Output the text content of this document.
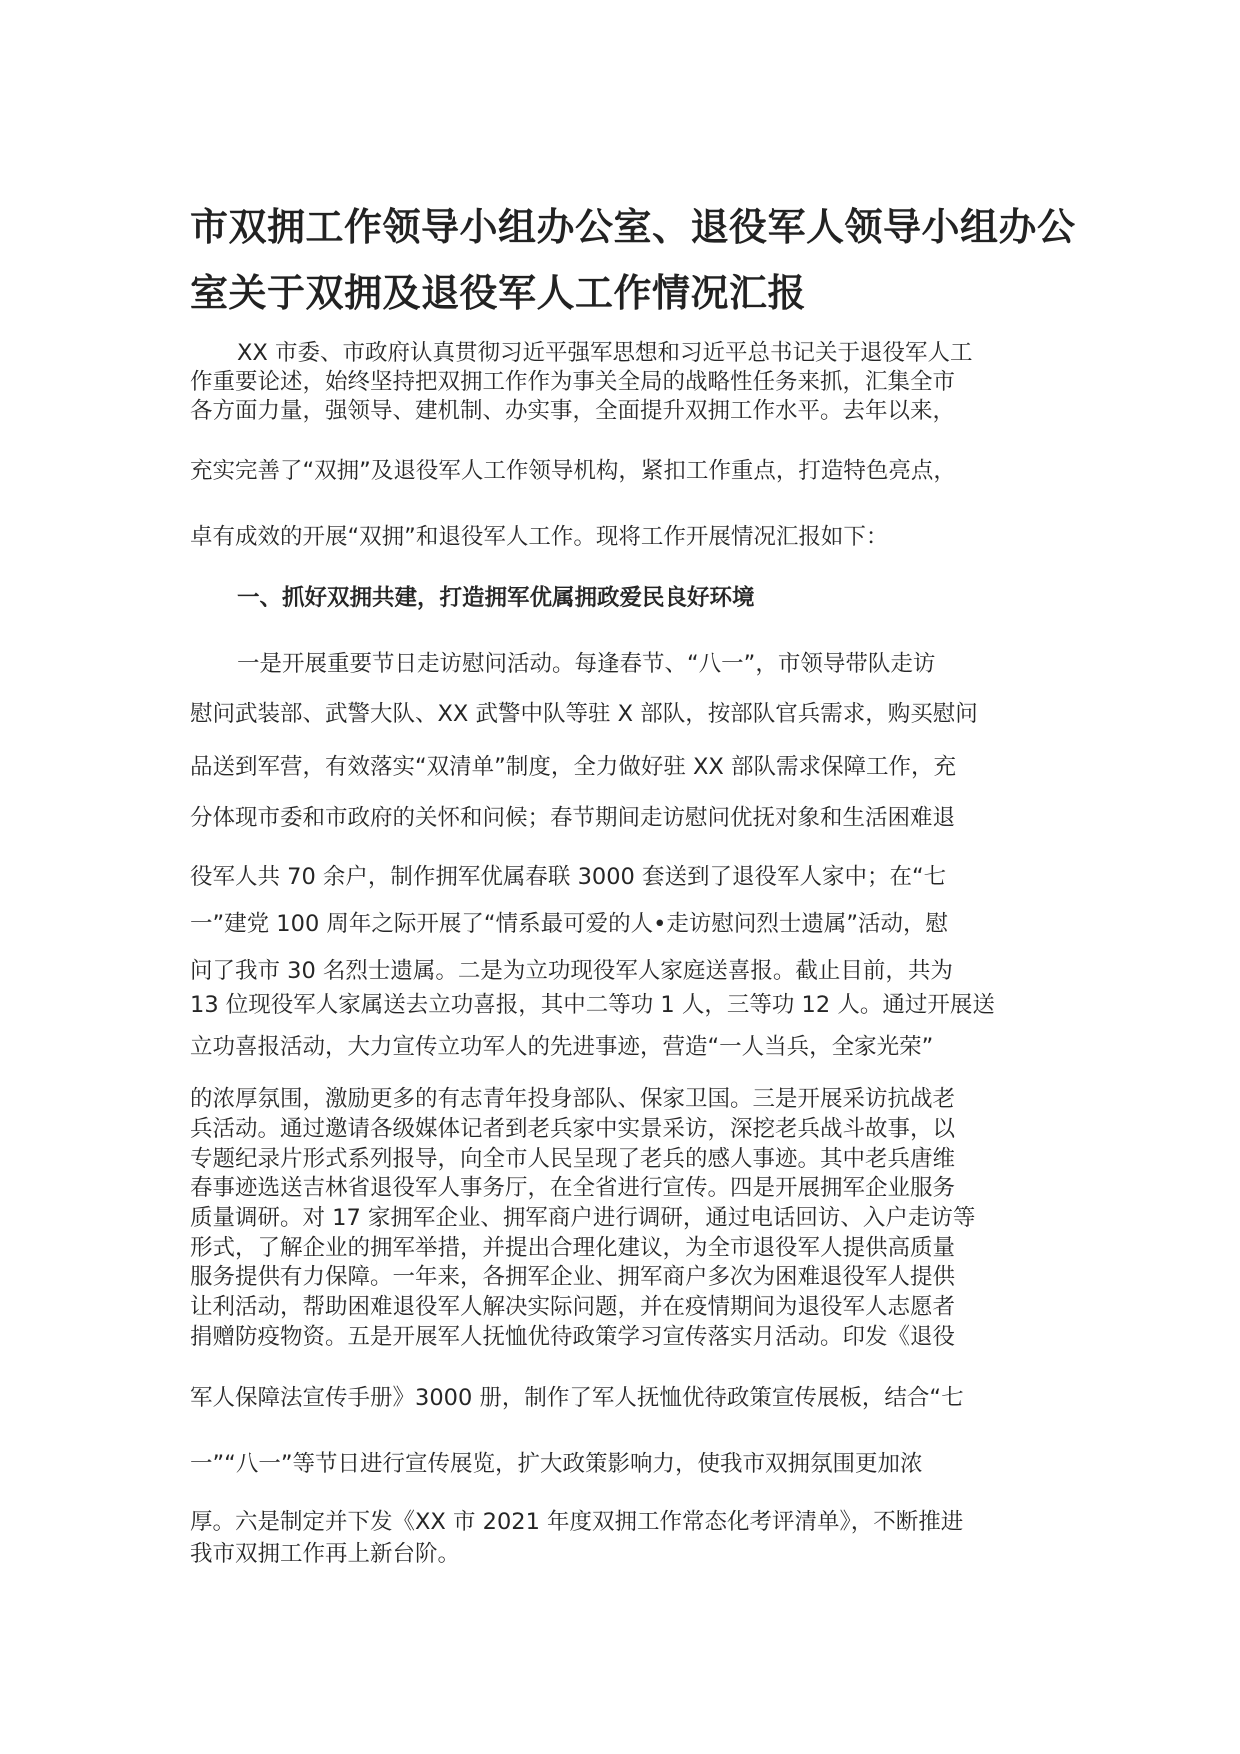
市双拥工作领导小组办公室、退役军人领导小组办公
室关于双拥及退役军人工作情况汇报
XX 市委、市政府认真贯彻习近平强军思想和习近平总书记关于退役军人工
作重要论述，始终坚持把双拥工作作为事关全局的战略性任务来抓，汇集全市
各方面力量，强领导、建机制、办实事，全面提升双拥工作水平。去年以来，
充实完善了“双拥”及退役军人工作领导机构，紧扣工作重点，打造特色亮点，
卓有成效的开展“双拥”和退役军人工作。现将工作开展情况汇报如下：
一、抓好双拥共建，打造拥军优属拥政爱民良好环境
一是开展重要节日走访慰问活动。每逢春节、“八一”，市领导带队走访
慰问武装部、武警大队、XX 武警中队等驻 X 部队，按部队官兵需求，购买慰问
品送到军营，有效落实“双清单”制度，全力做好驻 XX 部队需求保障工作，充
分体现市委和市政府的关怀和问候；春节期间走访慰问优抚对象和生活困难退
役军人共 70 余户，制作拥军优属春联 3000 套送到了退役军人家中；在“七
一”建党 100 周年之际开展了“情系最可爱的人•走访慰问烈士遗属”活动，慰
问了我市 30 名烈士遗属。二是为立功现役军人家庭送喜报。截止目前，共为
13 位现役军人家属送去立功喜报，其中二等功 1 人，三等功 12 人。通过开展送
立功喜报活动，大力宣传立功军人的先进事迹，营造“一人当兵，全家光荣”
的浓厚氛围，激励更多的有志青年投身部队、保家卫国。三是开展采访抗战老
兵活动。通过邀请各级媒体记者到老兵家中实景采访，深挖老兵战斗故事，以
专题纪录片形式系列报导，向全市人民呈现了老兵的感人事迹。其中老兵唐维
春事迹选送吉林省退役军人事务厅，在全省进行宣传。四是开展拥军企业服务
质量调研。对 17 家拥军企业、拥军商户进行调研，通过电话回访、入户走访等
形式，了解企业的拥军举措，并提出合理化建议，为全市退役军人提供高质量
服务提供有力保障。一年来，各拥军企业、拥军商户多次为困难退役军人提供
让利活动，帮助困难退役军人解决实际问题，并在疫情期间为退役军人志愿者
捐赠防疫物资。五是开展军人抚恤优待政策学习宣传落实月活动。印发《退役
军人保障法宣传手册》3000 册，制作了军人抚恤优待政策宣传展板，结合“七
一”“八一”等节日进行宣传展览，扩大政策影响力，使我市双拥氛围更加浓
厚。六是制定并下发《XX 市 2021 年度双拥工作常态化考评清单》，不断推进
我市双拥工作再上新台阶。
